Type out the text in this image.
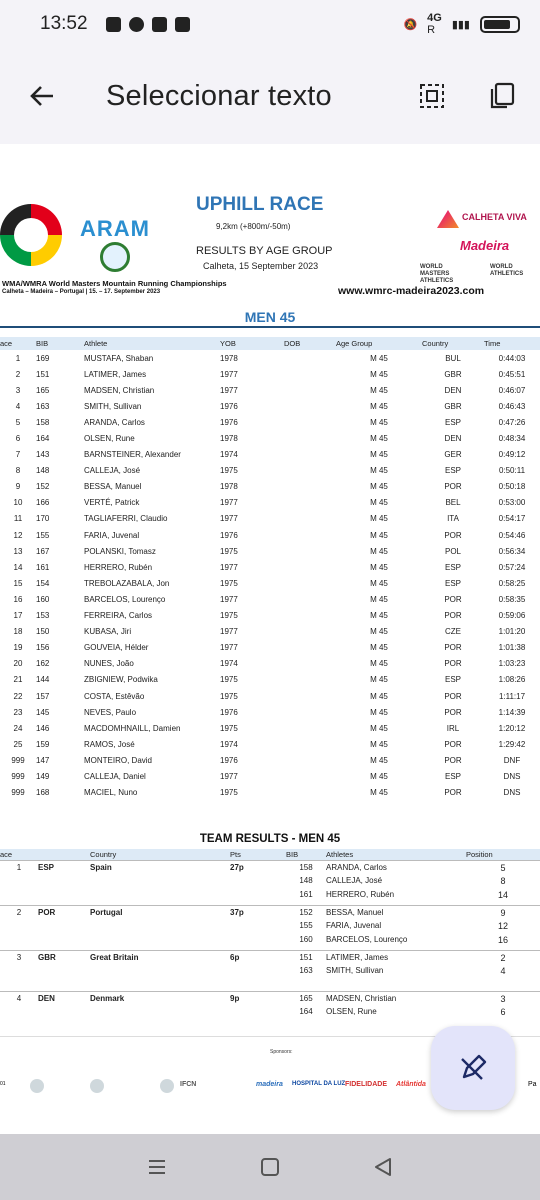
13:52	🔕
4G
R	▮▮▮
Seleccionar texto
ARAM
WMA/WMRA World Masters Mountain Running Championships
Calheta – Madeira – Portugal | 15. – 17. September 2023
UPHILL RACE
9,2km (+800m/-50m)
RESULTS BY AGE GROUP
Calheta, 15 September 2023
CALHETA VIVA
Madeira
WORLD MASTERS ATHLETICS
WORLD ATHLETICS
www.wmrc-madeira2023.com
MEN 45
ace	BIB	Athlete	YOB	DOB	Age Group	Country	Time
1	169	MUSTAFA, Shaban	1978		M 45	BUL	0:44:03
2	151	LATIMER, James	1977		M 45	GBR	0:45:51
3	165	MADSEN, Christian	1977		M 45	DEN	0:46:07
4	163	SMITH, Sullivan	1976		M 45	GBR	0:46:43
5	158	ARANDA, Carlos	1976		M 45	ESP	0:47:26
6	164	OLSEN, Rune	1978		M 45	DEN	0:48:34
7	143	BARNSTEINER, Alexander	1974		M 45	GER	0:49:12
8	148	CALLEJA, José	1975		M 45	ESP	0:50:11
9	152	BESSA, Manuel	1978		M 45	POR	0:50:18
10	166	VERTÉ, Patrick	1977		M 45	BEL	0:53:00
11	170	TAGLIAFERRI, Claudio	1977		M 45	ITA	0:54:17
12	155	FARIA, Juvenal	1976		M 45	POR	0:54:46
13	167	POLANSKI, Tomasz	1975		M 45	POL	0:56:34
14	161	HERRERO, Rubén	1977		M 45	ESP	0:57:24
15	154	TREBOLAZABALA, Jon	1975		M 45	ESP	0:58:25
16	160	BARCELOS, Lourenço	1977		M 45	POR	0:58:35
17	153	FERREIRA, Carlos	1975		M 45	POR	0:59:06
18	150	KUBASA, Jiri	1977		M 45	CZE	1:01:20
19	156	GOUVEIA, Hélder	1977		M 45	POR	1:01:38
20	162	NUNES, João	1974		M 45	POR	1:03:23
21	144	ZBIGNIEW, Podwika	1975		M 45	ESP	1:08:26
22	157	COSTA, Estêvão	1975		M 45	POR	1:11:17
23	145	NEVES, Paulo	1976		M 45	POR	1:14:39
24	146	MACDOMHNAILL, Damien	1975		M 45	IRL	1:20:12
25	159	RAMOS, José	1974		M 45	POR	1:29:42
999	147	MONTEIRO, David	1976		M 45	POR	DNF
999	149	CALLEJA, Daniel	1977		M 45	ESP	DNS
999	168	MACIEL, Nuno	1975		M 45	POR	DNS
TEAM RESULTS - MEN 45
ace		Country	Pts	BIB	Athletes	Position
1	ESP	Spain	27p	158	ARANDA, Carlos	5
				148	CALLEJA, José	8
				161	HERRERO, Rubén	14

2	POR	Portugal	37p	152	BESSA, Manuel	9
				155	FARIA, Juvenal	12
				160	BARCELOS, Lourenço	16

3	GBR	Great Britain	6p	151	LATIMER, James	2
				163	SMITH, Sullivan	4

4	DEN	Denmark	9p	165	MADSEN, Christian	3
				164	OLSEN, Rune	6

Sponsors:
01	IFCN	madeira HOSPITAL DA LUZ FIDELIDADE Atlântida	Pa
